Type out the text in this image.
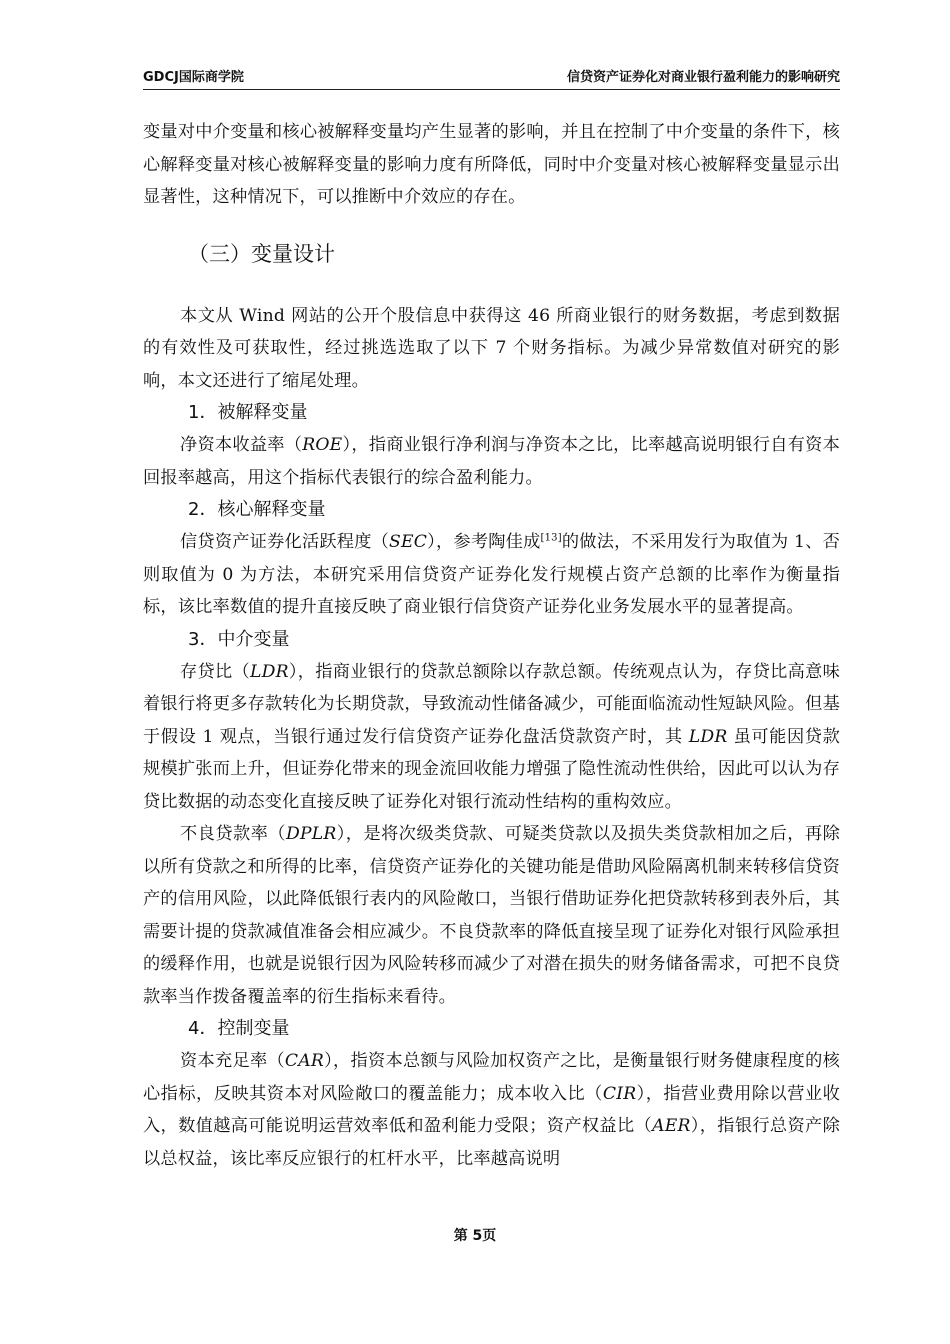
GDCJ国际商学院	信贷资产证券化对商业银行盈利能力的影响研究

变量对中介变量和核心被解释变量均产生显著的影响，并且在控制了中介变量的条件下，核心解释变量对核心被解释变量的影响力度有所降低，同时中介变量对核心被解释变量显示出显著性，这种情况下，可以推断中介效应的存在。

（三）变量设计

本文从 Wind 网站的公开个股信息中获得这 46 所商业银行的财务数据，考虑到数据的有效性及可获取性，经过挑选选取了以下 7 个财务指标。为减少异常数值对研究的影响，本文还进行了缩尾处理。

1．被解释变量

净资本收益率（ROE），指商业银行净利润与净资本之比，比率越高说明银行自有资本回报率越高，用这个指标代表银行的综合盈利能力。

2．核心解释变量

信贷资产证券化活跃程度（SEC），参考陶佳成[13]的做法，不采用发行为取值为 1、否则取值为 0 为方法，本研究采用信贷资产证券化发行规模占资产总额的比率作为衡量指标，该比率数值的提升直接反映了商业银行信贷资产证券化业务发展水平的显著提高。

3．中介变量

存贷比（LDR），指商业银行的贷款总额除以存款总额。传统观点认为，存贷比高意味着银行将更多存款转化为长期贷款，导致流动性储备减少，可能面临流动性短缺风险。但基于假设 1 观点，当银行通过发行信贷资产证券化盘活贷款资产时，其 LDR 虽可能因贷款规模扩张而上升，但证券化带来的现金流回收能力增强了隐性流动性供给，因此可以认为存贷比数据的动态变化直接反映了证券化对银行流动性结构的重构效应。

不良贷款率（DPLR），是将次级类贷款、可疑类贷款以及损失类贷款相加之后，再除以所有贷款之和所得的比率，信贷资产证券化的关键功能是借助风险隔离机制来转移信贷资产的信用风险，以此降低银行表内的风险敞口，当银行借助证券化把贷款转移到表外后，其需要计提的贷款减值准备会相应减少。不良贷款率的降低直接呈现了证券化对银行风险承担的缓释作用，也就是说银行因为风险转移而减少了对潜在损失的财务储备需求，可把不良贷款率当作拨备覆盖率的衍生指标来看待。

4．控制变量

资本充足率（CAR），指资本总额与风险加权资产之比，是衡量银行财务健康程度的核心指标，反映其资本对风险敞口的覆盖能力；成本收入比（CIR），指营业费用除以营业收入，数值越高可能说明运营效率低和盈利能力受限；资产权益比（AER），指银行总资产除以总权益，该比率反应银行的杠杆水平，比率越高说明

第 5页
